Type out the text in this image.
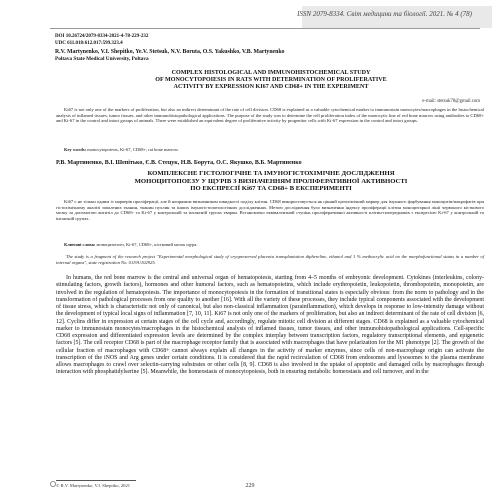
ISSN 2079-8334. Світ медицини та біології. 2021. № 4 (78)
DOI 10.26724/2079-8334-2021-4-78-229-232
UDC 611.018:612.017:599.323.4
R.V. Martynenko, V.I. Shepitko, Ye.V. Stetsuk, N.V. Boruta, O.S. Yakushko, V.B. Martynenko
Poltava State Medical University, Poltava
COMPLEX HISTOLOGICAL AND IMMUNOHISTOCHEMICAL STUDY
OF MONOCYTOPOIESIS IN RATS WITH DETERMINATION OF PROLIFERATIVE
ACTIVITY BY EXPRESSION KI67 AND CD68+ IN THE EXPERIMENT
e-mail: stetsuk78@gmail.com

Ki67 is not only one of the markers of proliferation, but also an indirect determinant of the rate of cell division. CD68 is explained as a valuable cytochemical marker to immunostain monocytes/macrophages in the histochemical analysis of inflamed tissues, tumor tissues, and other immunohistopathological applications. The purpose of the study was to determine the cell proliferation index of the monocytic line of red bone marrow using antibodies to CD68+ and Ki-67 in the control and intact groups of animals. There were established an equivalent degree of proliferative activity by progenitor cells with Ki-67 expression in the control and intact groups.

Key words: monocytopoiesis, Ki-67, CD68+, rat bone marrow.
Р.В. Мартиненко, В.І. Шепітько, Є.В. Стецук, Н.В. Борута, О.С. Якушко, В.Б. Мартиненко
КОМПЛЕКСНЕ ГІСТОЛОГІЧНЕ ТА ІМУНОГІСТОХІМІЧНЕ ДОСЛІДЖЕННЯ
МОНОЦИТОПОЕЗУ У ЩУРІВ З ВИЗНАЧЕННЯМ ПРОЛІФЕРАТИВНОЇ АКТИВНОСТІ
ПО ЕКСПРЕСІЇ Ki67 ТА CD68+ В ЕКСПЕРИМЕНТІ

Ki67 є не тільки одним із маркерів проліферації, але й непрямим визначником швидкості поділу клітин. CD68 використовується як цінний цитохімічний маркер для імунного фарбування моноцитів/макрофагів при гістохімічному аналізі запалених тканин, тканин пухлин та інших імуногістопатологічних дослідженнях. Метою дослідження було визначення індексу проліферації клітин моноцитарної лінії червоного кісткового мозку за допомогою антитіл до CD68+ та Ki-67 у контрольній та інтактній групах тварин. Встановлено еквівалентний ступінь проліферативної активності клітин-попередників з експресією Ki-67 у контрольній та інтактній групах.

Ключові слова: моноцитопоез, Ki-67, CD68+, кістковий мозок щура.

The study is a fragment of the research project "Experimental morphological study of cryopreserved placenta transplantation diphereline, ethanol and 1 % methacrylic acid on the morphofunctional status in a number of internal organs", state registration No. 0119U102925.

In humans, the red bone marrow is the central and universal organ of hematopoiesis, starting from 4–5 months of embryonic development. Cytokines (interleukins, colony-stimulating factors, growth factors), hormones and other humoral factors, such as hematopoietins, which include erythropoietin, leukopoietin, thrombopoietin, monopoietin, are involved in the regulation of hematopoiesis. The importance of monocytopoiesis in the formation of transitional states is especially obvious: from the norm to pathology and in the transformation of pathological processes from one quality to another [16]. With all the variety of these processes, they include typical components associated with the development of tissue stress, which is characteristic not only of canonical, but also non-classical inflammation (parainflammation), which develops in response to low-intensity damage without the development of typical local signs of inflammation [7, 10, 11]. Ki67 is not only one of the markers of proliferation, but also an indirect determinant of the rate of cell division [6, 12]. Cyclins differ in expression at certain stages of the cell cycle and, accordingly, regulate mitotic cell division at different stages. CD68 is explained as a valuable cytochemical marker to immunostain monocytes/macrophages in the histochemical analysis of inflamed tissues, tumor tissues, and other immunohistopathological applications. Cell-specific CD68 expression and differentiated expression levels are determined by the complex interplay between transcription factors, regulatory transcriptional elements, and epigenetic factors [5]. The cell receptor CD68 is part of the macrophage receptor family that is associated with macrophages that have polarization for the M1 phenotype [2]. The growth of the cellular fraction of macrophages with CD68+ cannot always explain all changes in the activity of marker enzymes, since cells of non-macrophage origin can activate the transcription of the iNOS and Arg genes under certain conditions. It is considered that the rapid recirculation of CD68 from endosomes and lysosomes to the plasma membrane allows macrophages to crawl over selectin-carrying substrates or other cells [8, 9]. CD68 is also involved in the uptake of apoptotic and damaged cells by macrophages through interaction with phosphatidylserine [5]. Meanwhile, the homeostasis of monocytopoiesis, both in ensuring metabolic homeostasis and cell turnover, and in the

© R.V. Martynenko, V.I. Shepitko, 2021	229
